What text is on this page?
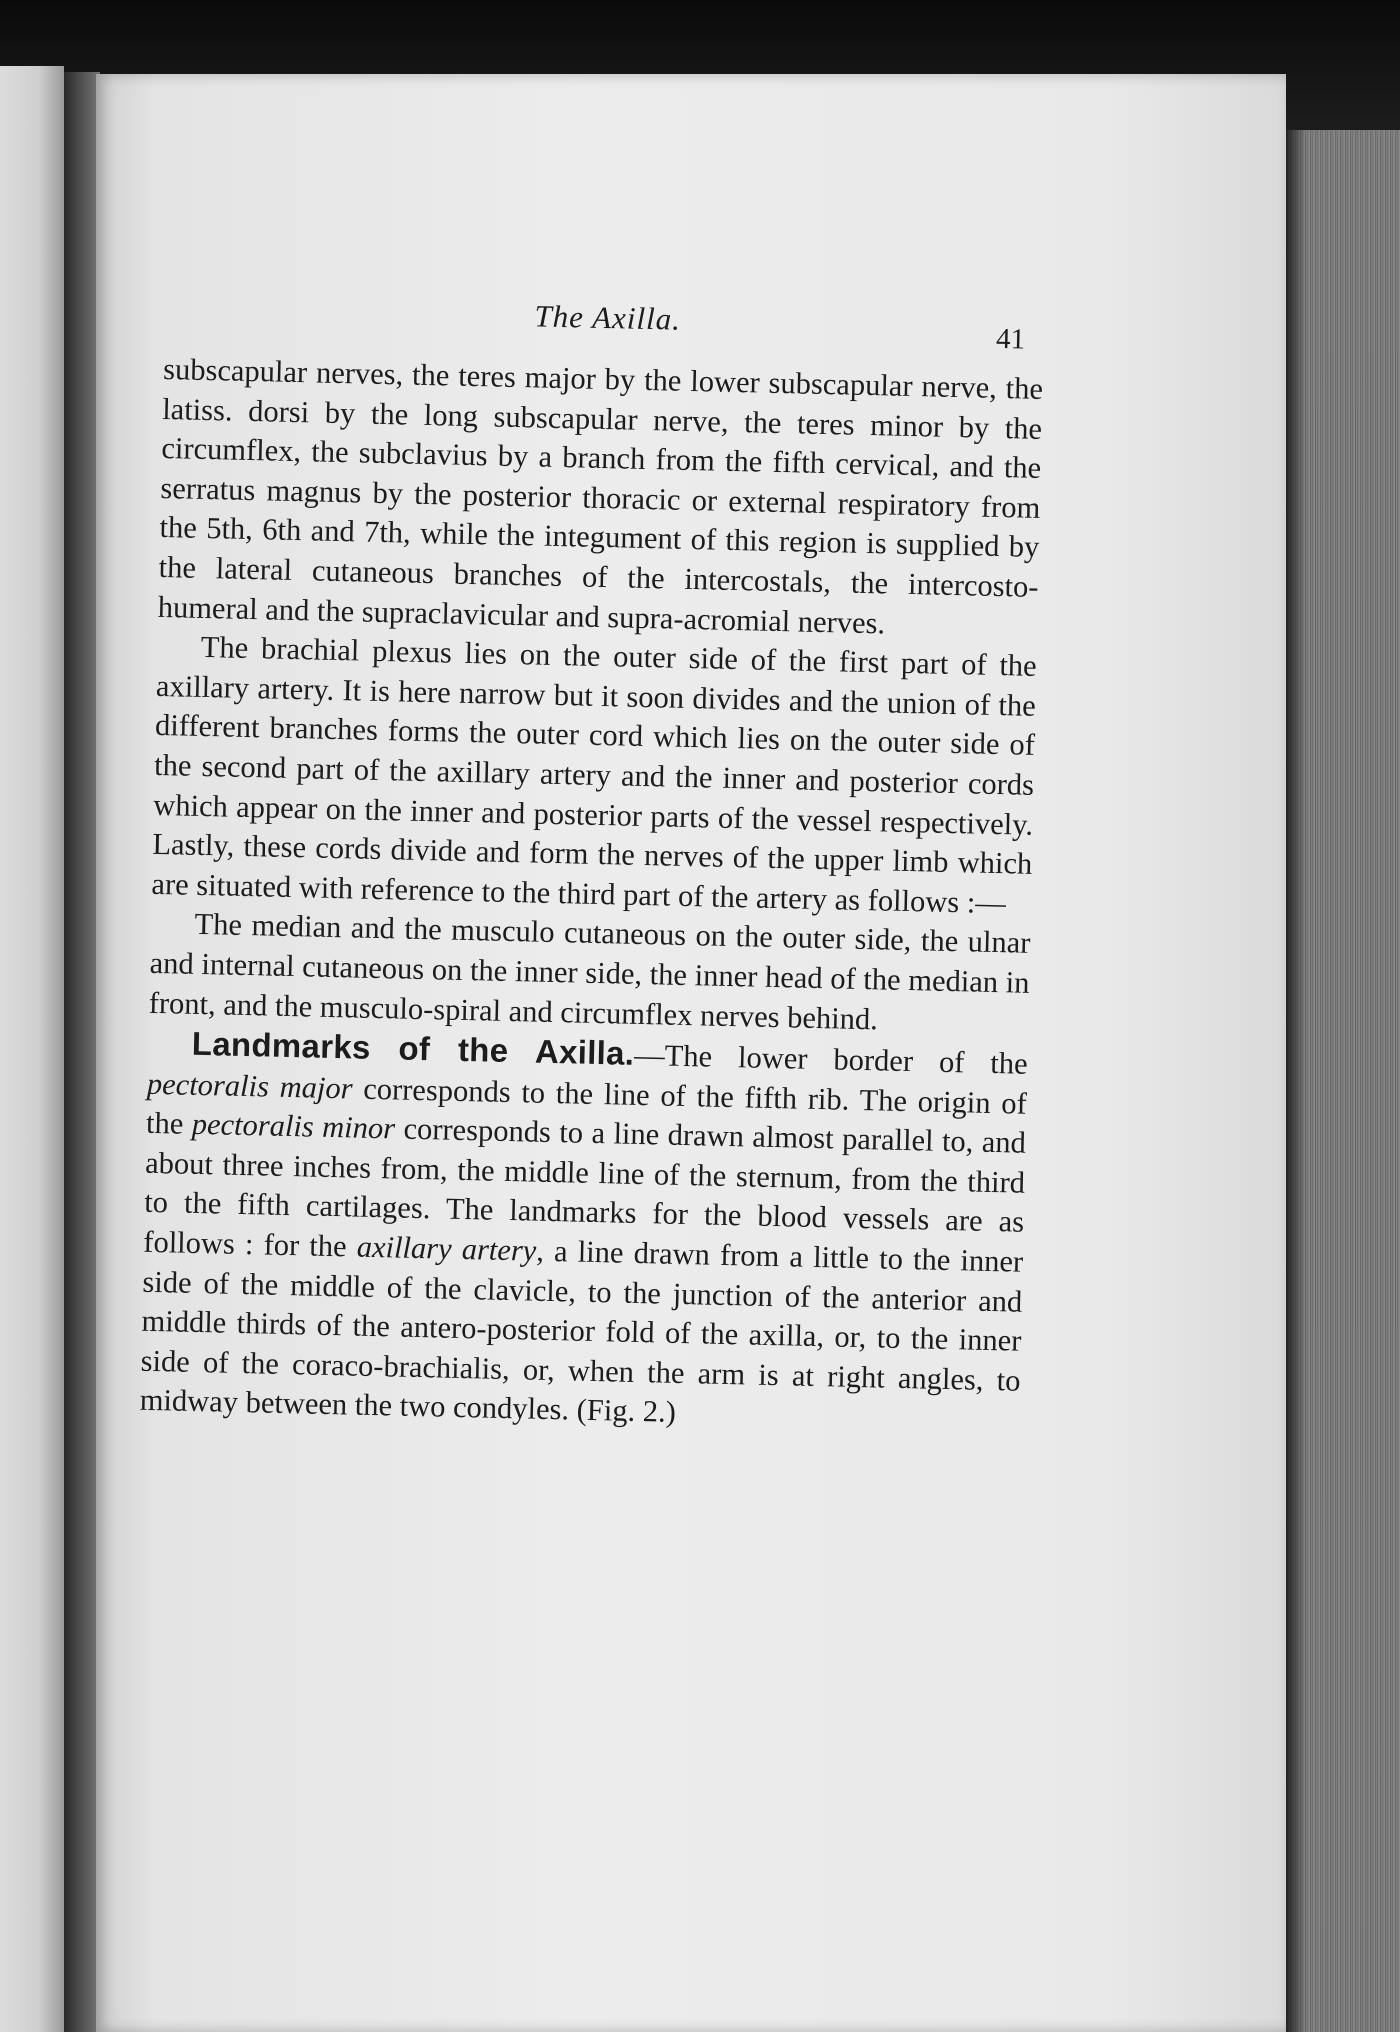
The Axilla.
41

subscapular nerves, the teres major by the lower subscapular nerve, the latiss. dorsi by the long subscapular nerve, the teres minor by the circumflex, the subclavius by a branch from the fifth cervical, and the serratus magnus by the posterior thoracic or external respiratory from the 5th, 6th and 7th, while the integument of this region is supplied by the lateral cutaneous branches of the intercostals, the intercosto-humeral and the supraclavicular and supra-acromial nerves.

The brachial plexus lies on the outer side of the first part of the axillary artery. It is here narrow but it soon divides and the union of the different branches forms the outer cord which lies on the outer side of the second part of the axillary artery and the inner and posterior cords which appear on the inner and posterior parts of the vessel respectively. Lastly, these cords divide and form the nerves of the upper limb which are situated with reference to the third part of the artery as follows :—

The median and the musculo cutaneous on the outer side, the ulnar and internal cutaneous on the inner side, the inner head of the median in front, and the musculo-spiral and circumflex nerves behind.

Landmarks of the Axilla.—The lower border of the pectoralis major corresponds to the line of the fifth rib. The origin of the pectoralis minor corresponds to a line drawn almost parallel to, and about three inches from, the middle line of the sternum, from the third to the fifth cartilages. The landmarks for the blood vessels are as follows : for the axillary artery, a line drawn from a little to the inner side of the middle of the clavicle, to the junction of the anterior and middle thirds of the antero-posterior fold of the axilla, or, to the inner side of the coraco-brachialis, or, when the arm is at right angles, to midway between the two condyles. (Fig. 2.)
